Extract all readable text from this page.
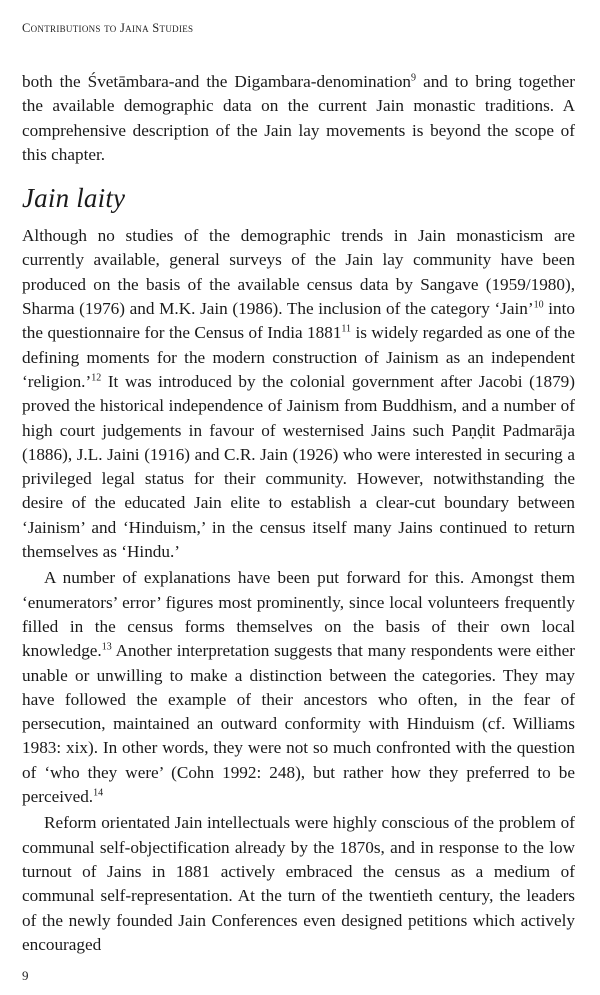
Contributions to Jaina Studies

both the Śvetāmbara-and the Digambara-denomination$^9$ and to bring together the available demographic data on the current Jain monastic traditions. A comprehensive description of the Jain lay movements is beyond the scope of this chapter.

Jain laity

Although no studies of the demographic trends in Jain monasticism are currently available, general surveys of the Jain lay community have been produced on the basis of the available census data by Sangave (1959/1980), Sharma (1976) and M.K. Jain (1986). The inclusion of the category ‘Jain’$^{10}$ into the questionnaire for the Census of India 1881$^{11}$ is widely regarded as one of the defining moments for the modern construction of Jainism as an independent ‘religion.’$^{12}$ It was introduced by the colonial government after Jacobi (1879) proved the historical independence of Jainism from Buddhism, and a number of high court judgements in favour of westernised Jains such Paṇḍit Padmarāja (1886), J.L. Jaini (1916) and C.R. Jain (1926) who were interested in securing a privileged legal status for their community. However, notwithstanding the desire of the educated Jain elite to establish a clear-cut boundary between ‘Jainism’ and ‘Hinduism,’ in the census itself many Jains continued to return themselves as ‘Hindu.’

A number of explanations have been put forward for this. Amongst them ‘enumerators’ error’ figures most prominently, since local volunteers frequently filled in the census forms themselves on the basis of their own local knowledge.$^{13}$ Another interpretation suggests that many respondents were either unable or unwilling to make a distinction between the categories. They may have followed the example of their ancestors who often, in the fear of persecution, maintained an outward conformity with Hinduism (cf. Williams 1983: xix). In other words, they were not so much confronted with the question of ‘who they were’ (Cohn 1992: 248), but rather how they preferred to be perceived.$^{14}$

Reform orientated Jain intellectuals were highly conscious of the problem of communal self-objectification already by the 1870s, and in response to the low turnout of Jains in 1881 actively embraced the census as a medium of communal self-representation. At the turn of the twentieth century, the leaders of the newly founded Jain Conferences even designed petitions which actively encouraged

9
